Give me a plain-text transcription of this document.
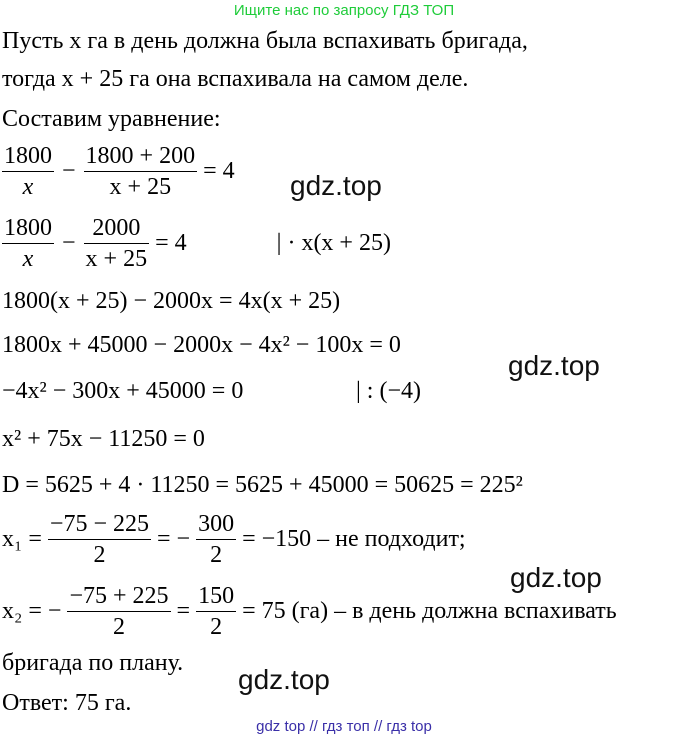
Ищите нас по запросу ГДЗ ТОП
Пусть x га в день должна была вспахивать бригада,
тогда x + 25 га она вспахивала на самом деле.
Составим уравнение:
$\frac{1800}{x} - \frac{1800 + 200}{x + 25} = 4$
$\frac{1800}{x} - \frac{2000}{x + 25} = 4$	| · x(x + 25)
1800(x + 25) − 2000x = 4x(x + 25)
1800x + 45000 − 2000x − 4x² − 100x = 0
−4x² − 300x + 45000 = 0	| : (−4)
x² + 75x − 11250 = 0
D = 5625 + 4 · 11250 = 5625 + 45000 = 50625 = 225²
$x_1 = \frac{-75 - 225}{2}$ = − $\frac{300}{2} = -150$ – не подходит;
x₂ = − $\frac{-75 + 225}{2} = \frac{150}{2} = 75$ (га) – в день должна вспахивать
бригада по плану.
Ответ: 75 га.
gdz.top
gdz.top
gdz.top
gdz.top
gdz top // гдз топ // гдз top
